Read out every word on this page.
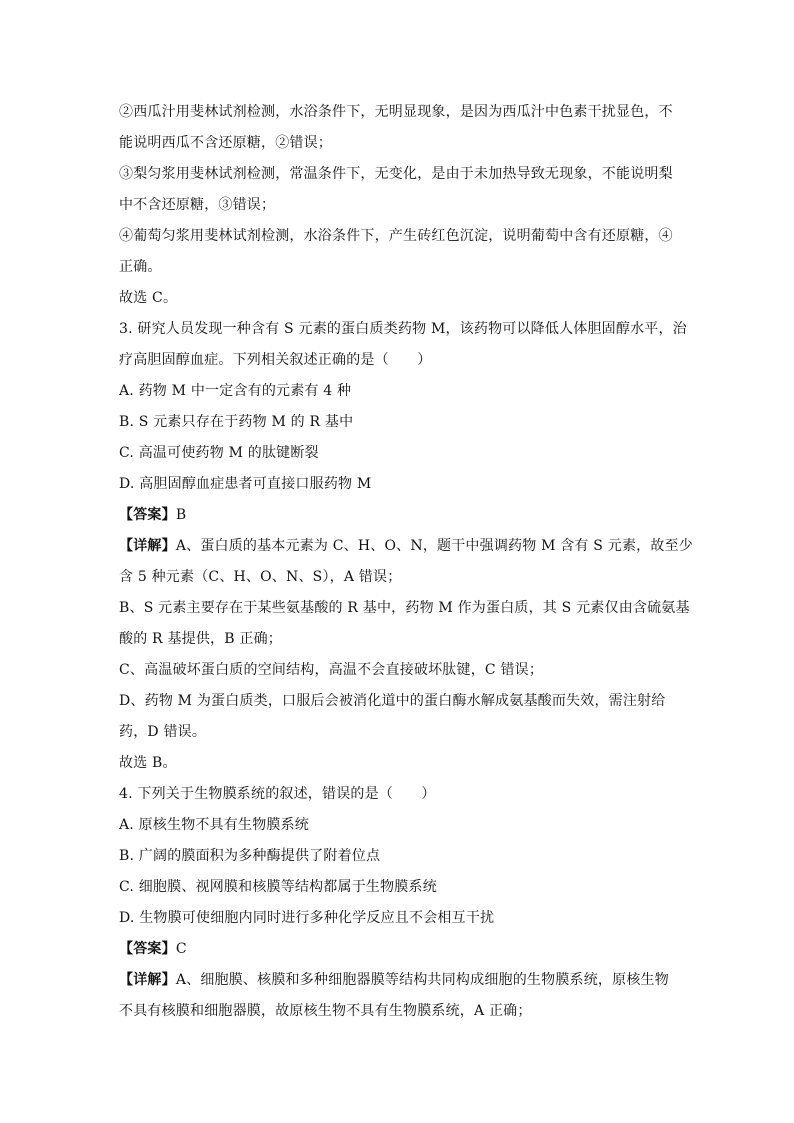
②西瓜汁用斐林试剂检测，水浴条件下，无明显现象，是因为西瓜汁中色素干扰显色，不
能说明西瓜不含还原糖，②错误；
③梨匀浆用斐林试剂检测，常温条件下，无变化，是由于未加热导致无现象，不能说明梨
中不含还原糖，③错误；
④葡萄匀浆用斐林试剂检测，水浴条件下，产生砖红色沉淀，说明葡萄中含有还原糖，④
正确。
故选 C。
3. 研究人员发现一种含有 S 元素的蛋白质类药物 M，该药物可以降低人体胆固醇水平，治
疗高胆固醇血症。下列相关叙述正确的是（　　）
A. 药物 M 中一定含有的元素有 4 种
B. S 元素只存在于药物 M 的 R 基中
C. 高温可使药物 M 的肽键断裂
D. 高胆固醇血症患者可直接口服药物 M
【答案】B
【详解】A、蛋白质的基本元素为 C、H、O、N，题干中强调药物 M 含有 S 元素，故至少
含 5 种元素（C、H、O、N、S），A 错误；
B、S 元素主要存在于某些氨基酸的 R 基中，药物 M 作为蛋白质，其 S 元素仅由含硫氨基
酸的 R 基提供，B 正确；
C、高温破坏蛋白质的空间结构，高温不会直接破坏肽键，C 错误；
D、药物 M 为蛋白质类，口服后会被消化道中的蛋白酶水解成氨基酸而失效，需注射给
药，D 错误。
故选 B。
4. 下列关于生物膜系统的叙述，错误的是（　　）
A. 原核生物不具有生物膜系统
B. 广阔的膜面积为多种酶提供了附着位点
C. 细胞膜、视网膜和核膜等结构都属于生物膜系统
D. 生物膜可使细胞内同时进行多种化学反应且不会相互干扰
【答案】C
【详解】A、细胞膜、核膜和多种细胞器膜等结构共同构成细胞的生物膜系统，原核生物
不具有核膜和细胞器膜，故原核生物不具有生物膜系统，A 正确；
